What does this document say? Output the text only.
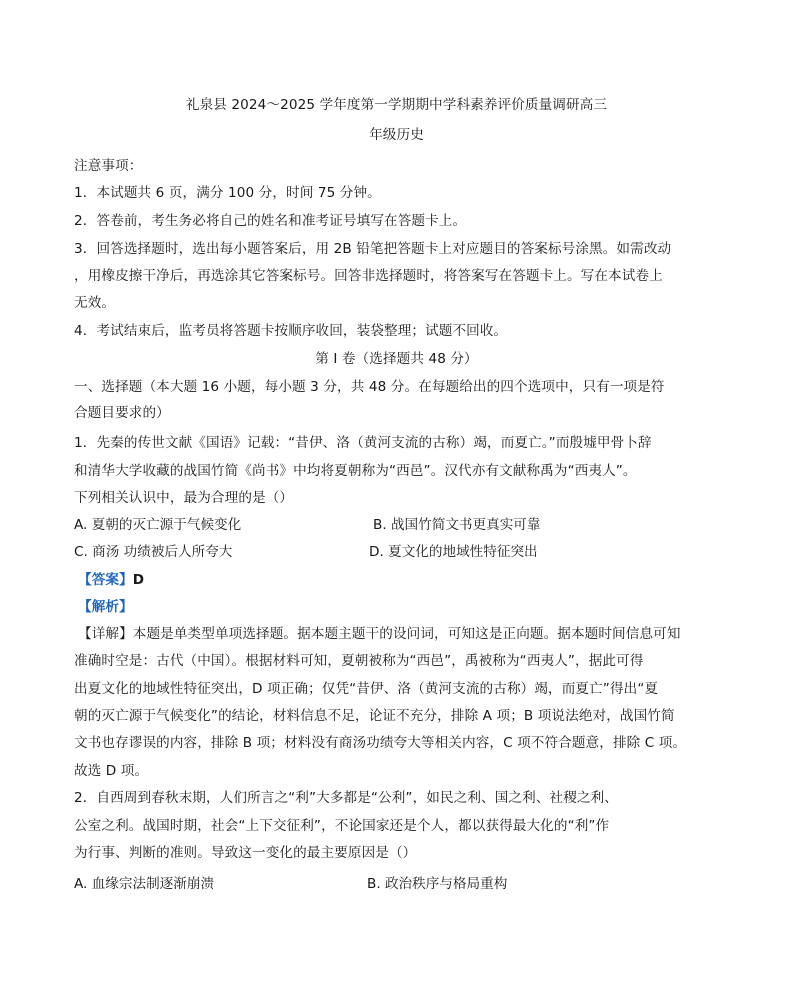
礼泉县 2024～2025 学年度第一学期期中学科素养评价质量调研高三
年级历史
注意事项：
1．本试题共 6 页，满分 100 分，时间 75 分钟。
2．答卷前，考生务必将自己的姓名和准考证号填写在答题卡上。
3．回答选择题时，选出每小题答案后，用 2B 铅笔把答题卡上对应题目的答案标号涂黑。如需改动
，用橡皮擦干净后，再选涂其它答案标号。回答非选择题时，将答案写在答题卡上。写在本试卷上
无效。
4．考试结束后，监考员将答题卡按顺序收回，装袋整理；试题不回收。
第 I 卷（选择题共 48 分）
一、选择题（本大题 16 小题，每小题 3 分，共 48 分。在每题给出的四个选项中，只有一项是符
合题目要求的）
1．先秦的传世文献《国语》记载：“昔伊、洛（黄河支流的古称）竭，而夏亡。”而殷墟甲骨卜辞
和清华大学收藏的战国竹简《尚书》中均将夏朝称为“西邑”。汉代亦有文献称禹为“西夷人”。
下列相关认识中，最为合理的是（）
A. 夏朝的灭亡源于气候变化	B. 战国竹简文书更真实可靠
C. 商汤 功绩被后人所夸大	D. 夏文化的地域性特征突出
【答案】D
【解析】
【详解】本题是单类型单项选择题。据本题主题干的设问词，可知这是正向题。据本题时间信息可知
准确时空是：古代（中国）。根据材料可知，夏朝被称为“西邑”，禹被称为“西夷人”，据此可得
出夏文化的地域性特征突出，D 项正确；仅凭“昔伊、洛（黄河支流的古称）竭，而夏亡”得出“夏
朝的灭亡源于气候变化”的结论，材料信息不足，论证不充分，排除 A 项；B 项说法绝对，战国竹简
文书也存谬误的内容，排除 B 项；材料没有商汤功绩夸大等相关内容，C 项不符合题意，排除 C 项。
故选 D 项。
2．自西周到春秋末期，人们所言之“利”大多都是“公利”，如民之利、国之利、社稷之利、
公室之利。战国时期，社会“上下交征利”，不论国家还是个人，都以获得最大化的“利”作
为行事、判断的准则。导致这一变化的最主要原因是（）
A. 血缘宗法制逐渐崩溃	B. 政治秩序与格局重构
